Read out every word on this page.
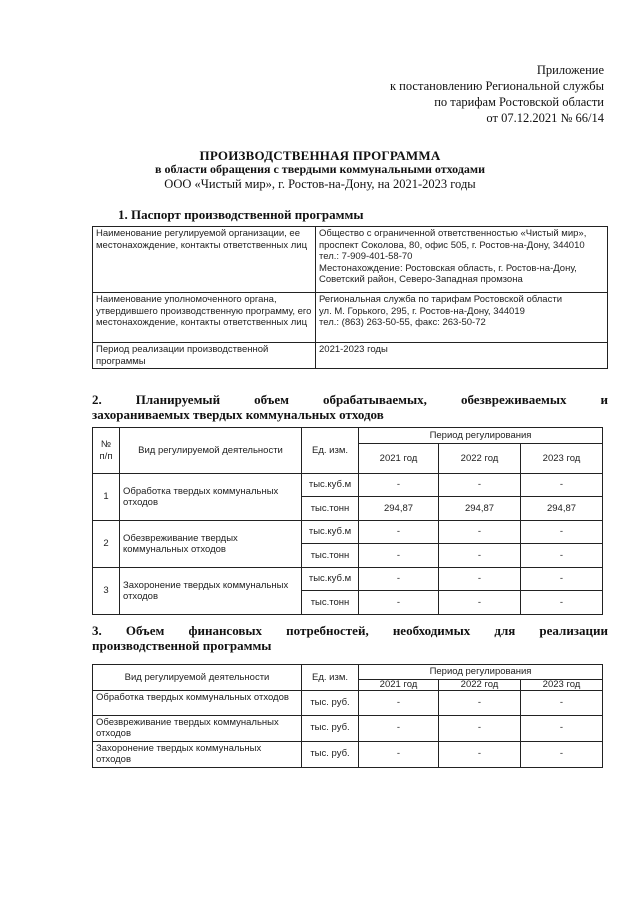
Приложение
к постановлению Региональной службы
по тарифам Ростовской области
от 07.12.2021 № 66/14
ПРОИЗВОДСТВЕННАЯ ПРОГРАММА
в области обращения с твердыми коммунальными отходами
ООО «Чистый мир», г. Ростов-на-Дону, на 2021-2023 годы
1. Паспорт производственной программы
Наименование регулируемой организации, ее местонахождение, контакты ответственных лиц	Общество с ограниченной ответственностью «Чистый мир»,
проспект Соколова, 80, офис 505, г. Ростов-на-Дону, 344010
тел.: 7-909-401-58-70
Местонахождение: Ростовская область, г. Ростов-на-Дону,
Советский район, Северо-Западная промзона

Наименование уполномоченного органа, утвердившего производственную программу, его местонахождение, контакты ответственных лиц	Региональная служба по тарифам Ростовской области
ул. М. Горького, 295, г. Ростов-на-Дону, 344019
тел.: (863) 263-50-55, факс: 263-50-72

Период реализации производственной программы	2021-2023 годы
2.	Планируемый	объем	обрабатываемых,	обезвреживаемых	и
захораниваемых твердых коммунальных отходов
№ п/п	Вид регулируемой деятельности	Ед. изм.	Период регулирования		
			2021 год	2022 год	2023 год
1	Обработка твердых коммунальных отходов	тыс.куб.м	-	-	-
		тыс.тонн	294,87	294,87	294,87
2	Обезвреживание твердых коммунальных отходов	тыс.куб.м	-	-	-
		тыс.тонн	-	-	-
3	Захоронение твердых коммунальных отходов	тыс.куб.м	-	-	-
		тыс.тонн	-	-	-
3. Объем финансовых потребностей, необходимых для реализации
производственной программы
Вид регулируемой деятельности	Ед. изм.	Период регулирования		
		2021 год	2022 год	2023 год
Обработка твердых коммунальных отходов	тыс. руб.	-	-	-
Обезвреживание твердых коммунальных отходов	тыс. руб.	-	-	-
Захоронение твердых коммунальных отходов	тыс. руб.	-	-	-
